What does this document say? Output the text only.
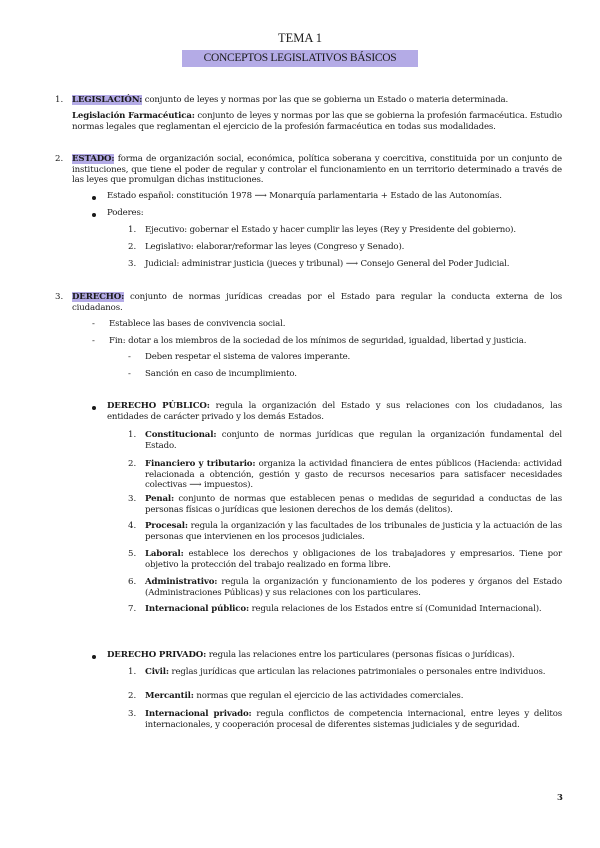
TEMA 1
CONCEPTOS LEGISLATIVOS BÁSICOS
1. LEGISLACIÓN: conjunto de leyes y normas por las que se gobierna un Estado o materia determinada.
Legislación Farmacéutica: conjunto de leyes y normas por las que se gobierna la profesión farmacéutica. Estudio normas legales que reglamentan el ejercicio de la profesión farmacéutica en todas sus modalidades.
2. ESTADO: forma de organización social, económica, política soberana y coercitiva, constituida por un conjunto de instituciones, que tiene el poder de regular y controlar el funcionamiento en un territorio determinado a través de las leyes que promulgan dichas instituciones.
Estado español: constitución 1978 ⟶ Monarquía parlamentaria + Estado de las Autonomías.
Poderes:
1. Ejecutivo: gobernar el Estado y hacer cumplir las leyes (Rey y Presidente del gobierno).
2. Legislativo: elaborar/reformar las leyes (Congreso y Senado).
3. Judicial: administrar justicia (jueces y tribunal) ⟶ Consejo General del Poder Judicial.
3. DERECHO: conjunto de normas jurídicas creadas por el Estado para regular la conducta externa de los ciudadanos.
- Establece las bases de convivencia social.
- Fin: dotar a los miembros de la sociedad de los mínimos de seguridad, igualdad, libertad y justicia.
- Deben respetar el sistema de valores imperante.
- Sanción en caso de incumplimiento.
DERECHO PÚBLICO: regula la organización del Estado y sus relaciones con los ciudadanos, las entidades de carácter privado y los demás Estados.
1. Constitucional: conjunto de normas jurídicas que regulan la organización fundamental del Estado.
2. Financiero y tributario: organiza la actividad financiera de entes públicos (Hacienda: actividad relacionada a obtención, gestión y gasto de recursos necesarios para satisfacer necesidades colectivas ⟶ impuestos).
3. Penal: conjunto de normas que establecen penas o medidas de seguridad a conductas de las personas físicas o jurídicas que lesionen derechos de los demás (delitos).
4. Procesal: regula la organización y las facultades de los tribunales de justicia y la actuación de las personas que intervienen en los procesos judiciales.
5. Laboral: establece los derechos y obligaciones de los trabajadores y empresarios. Tiene por objetivo la protección del trabajo realizado en forma libre.
6. Administrativo: regula la organización y funcionamiento de los poderes y órganos del Estado (Administraciones Públicas) y sus relaciones con los particulares.
7. Internacional público: regula relaciones de los Estados entre sí (Comunidad Internacional).
DERECHO PRIVADO: regula las relaciones entre los particulares (personas físicas o jurídicas).
1. Civil: reglas jurídicas que articulan las relaciones patrimoniales o personales entre individuos.
2. Mercantil: normas que regulan el ejercicio de las actividades comerciales.
3. Internacional privado: regula conflictos de competencia internacional, entre leyes y delitos internacionales, y cooperación procesal de diferentes sistemas judiciales y de seguridad.
3
